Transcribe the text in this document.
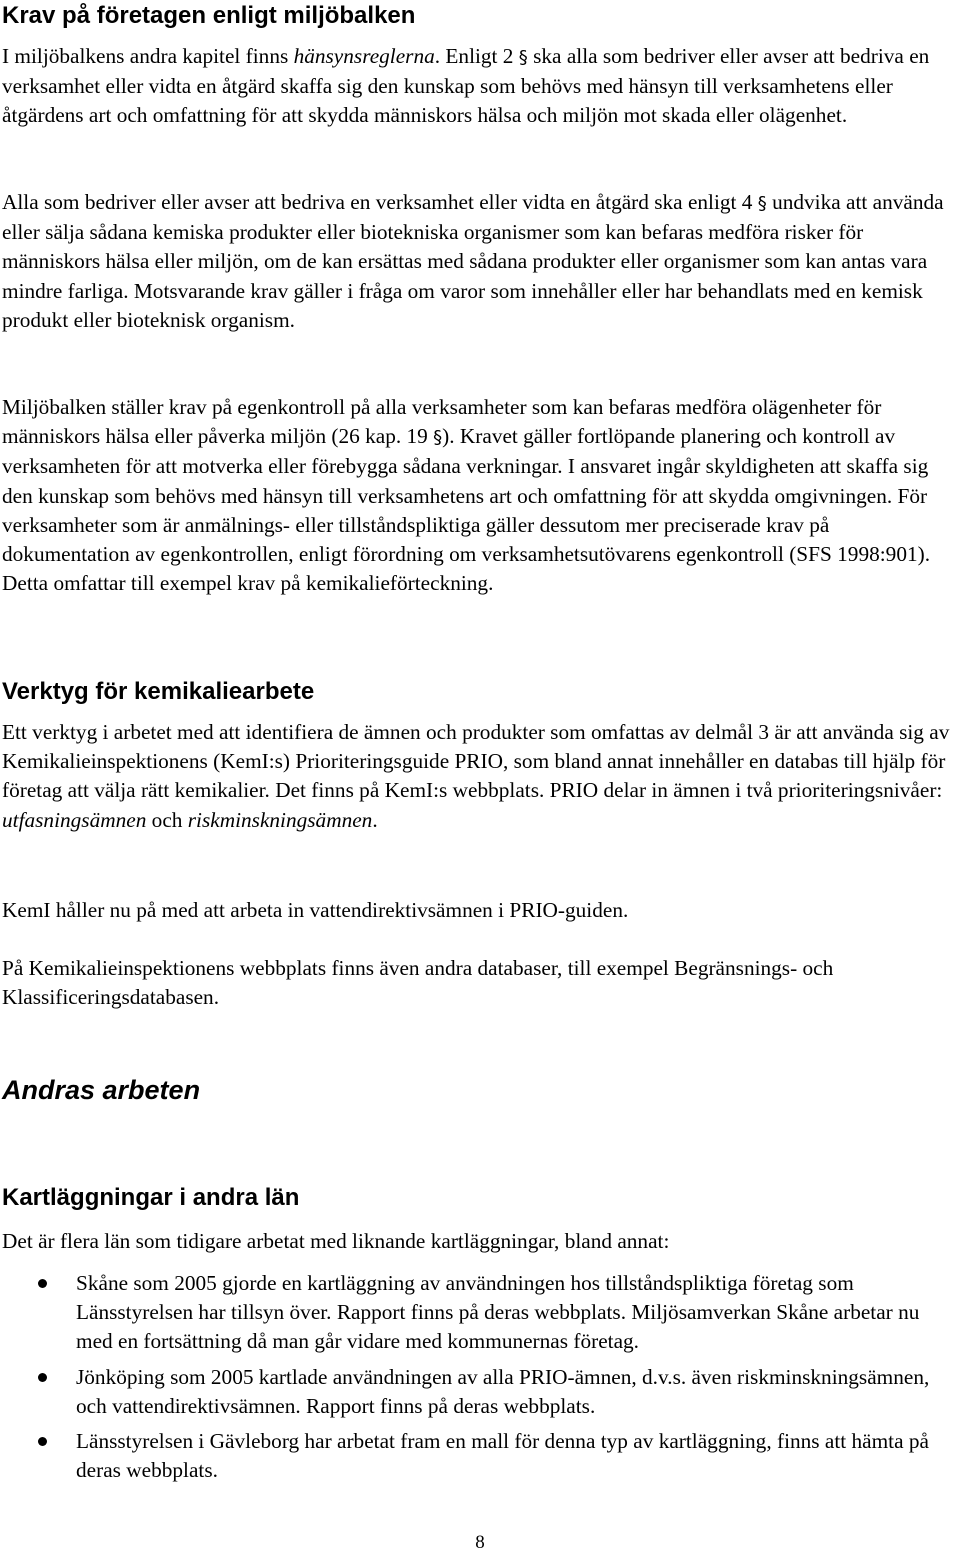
Krav på företagen enligt miljöbalken

I miljöbalkens andra kapitel finns hänsynsreglerna. Enligt 2 § ska alla som bedriver eller avser att bedriva en verksamhet eller vidta en åtgärd skaffa sig den kunskap som behövs med hänsyn till verksamhetens eller åtgärdens art och omfattning för att skydda människors hälsa och miljön mot skada eller olägenhet.

Alla som bedriver eller avser att bedriva en verksamhet eller vidta en åtgärd ska enligt 4 § undvika att använda eller sälja sådana kemiska produkter eller biotekniska organismer som kan befaras medföra risker för människors hälsa eller miljön, om de kan ersättas med sådana produkter eller organismer som kan antas vara mindre farliga. Motsvarande krav gäller i fråga om varor som innehåller eller har behandlats med en kemisk produkt eller bioteknisk organism.

Miljöbalken ställer krav på egenkontroll på alla verksamheter som kan befaras medföra olägenheter för människors hälsa eller påverka miljön (26 kap. 19 §). Kravet gäller fortlöpande planering och kontroll av verksamheten för att motverka eller förebygga sådana verkningar. I ansvaret ingår skyldigheten att skaffa sig den kunskap som behövs med hänsyn till verksamhetens art och omfattning för att skydda omgivningen. För verksamheter som är anmälnings- eller tillståndspliktiga gäller dessutom mer preciserade krav på dokumentation av egenkontrollen, enligt förordning om verksamhetsutövarens egenkontroll (SFS 1998:901). Detta omfattar till exempel krav på kemikalieförteckning.

Verktyg för kemikaliearbete

Ett verktyg i arbetet med att identifiera de ämnen och produkter som omfattas av delmål 3 är att använda sig av Kemikalieinspektionens (KemI:s) Prioriteringsguide PRIO, som bland annat innehåller en databas till hjälp för företag att välja rätt kemikalier. Det finns på KemI:s webbplats. PRIO delar in ämnen i två prioriteringsnivåer: utfasningsämnen och riskminskningsämnen.

KemI håller nu på med att arbeta in vattendirektivsämnen i PRIO-guiden.

På Kemikalieinspektionens webbplats finns även andra databaser, till exempel Begränsnings- och Klassificeringsdatabasen.

Andras arbeten
Kartläggningar i andra län

Det är flera län som tidigare arbetat med liknande kartläggningar, bland annat:

Skåne som 2005 gjorde en kartläggning av användningen hos tillståndspliktiga företag som Länsstyrelsen har tillsyn över. Rapport finns på deras webbplats. Miljösamverkan Skåne arbetar nu med en fortsättning då man går vidare med kommunernas företag.
Jönköping som 2005 kartlade användningen av alla PRIO-ämnen, d.v.s. även riskminskningsämnen, och vattendirektivsämnen. Rapport finns på deras webbplats.
Länsstyrelsen i Gävleborg har arbetat fram en mall för denna typ av kartläggning, finns att hämta på deras webbplats.
8
